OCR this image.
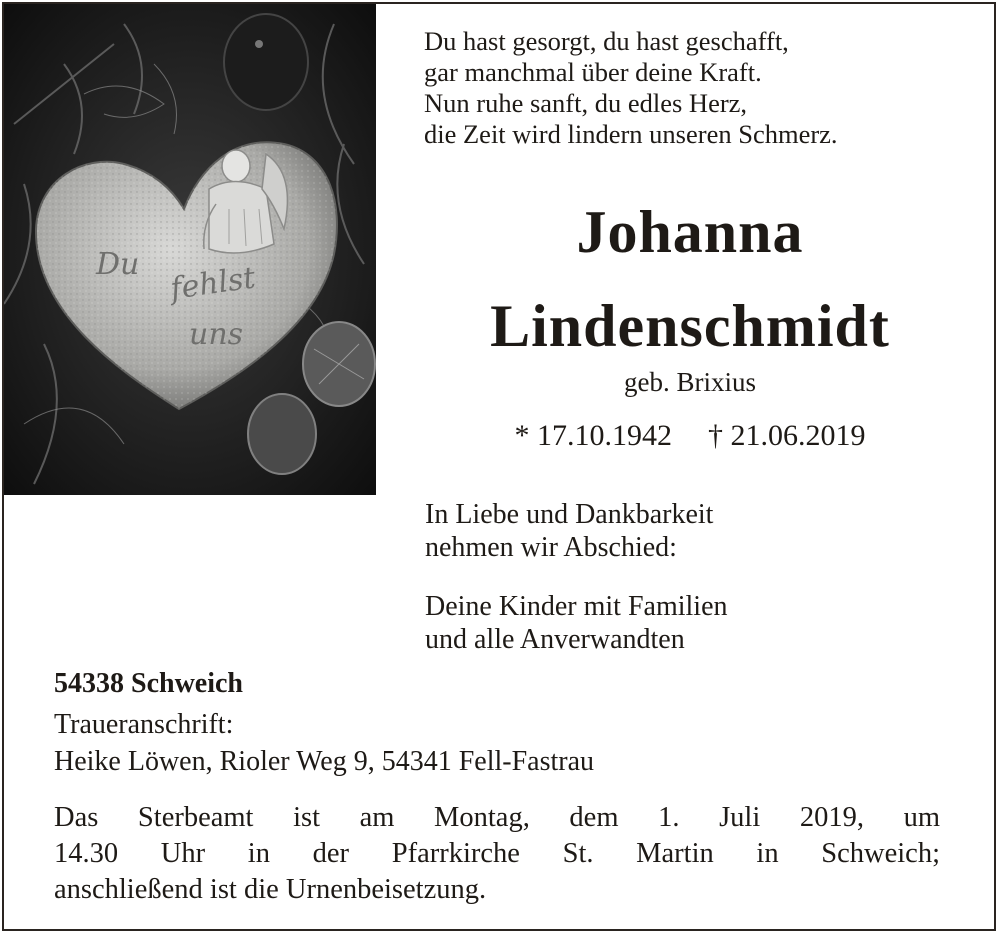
Du fehlst
uns
Du hast gesorgt, du hast geschafft,
gar manchmal über deine Kraft.
Nun ruhe sanft, du edles Herz,
die Zeit wird lindern unseren Schmerz.
Johanna
Lindenschmidt
geb. Brixius
* 17.10.1942 † 21.06.2019
In Liebe und Dankbarkeit
nehmen wir Abschied:
Deine Kinder mit Familien
und alle Anverwandten
54338 Schweich
Traueranschrift:
Heike Löwen, Rioler Weg 9, 54341 Fell-Fastrau
Das Sterbeamt ist am Montag, dem 1. Juli 2019, um
14.30 Uhr in der Pfarrkirche St. Martin in Schweich;
anschließend ist die Urnenbeisetzung.
